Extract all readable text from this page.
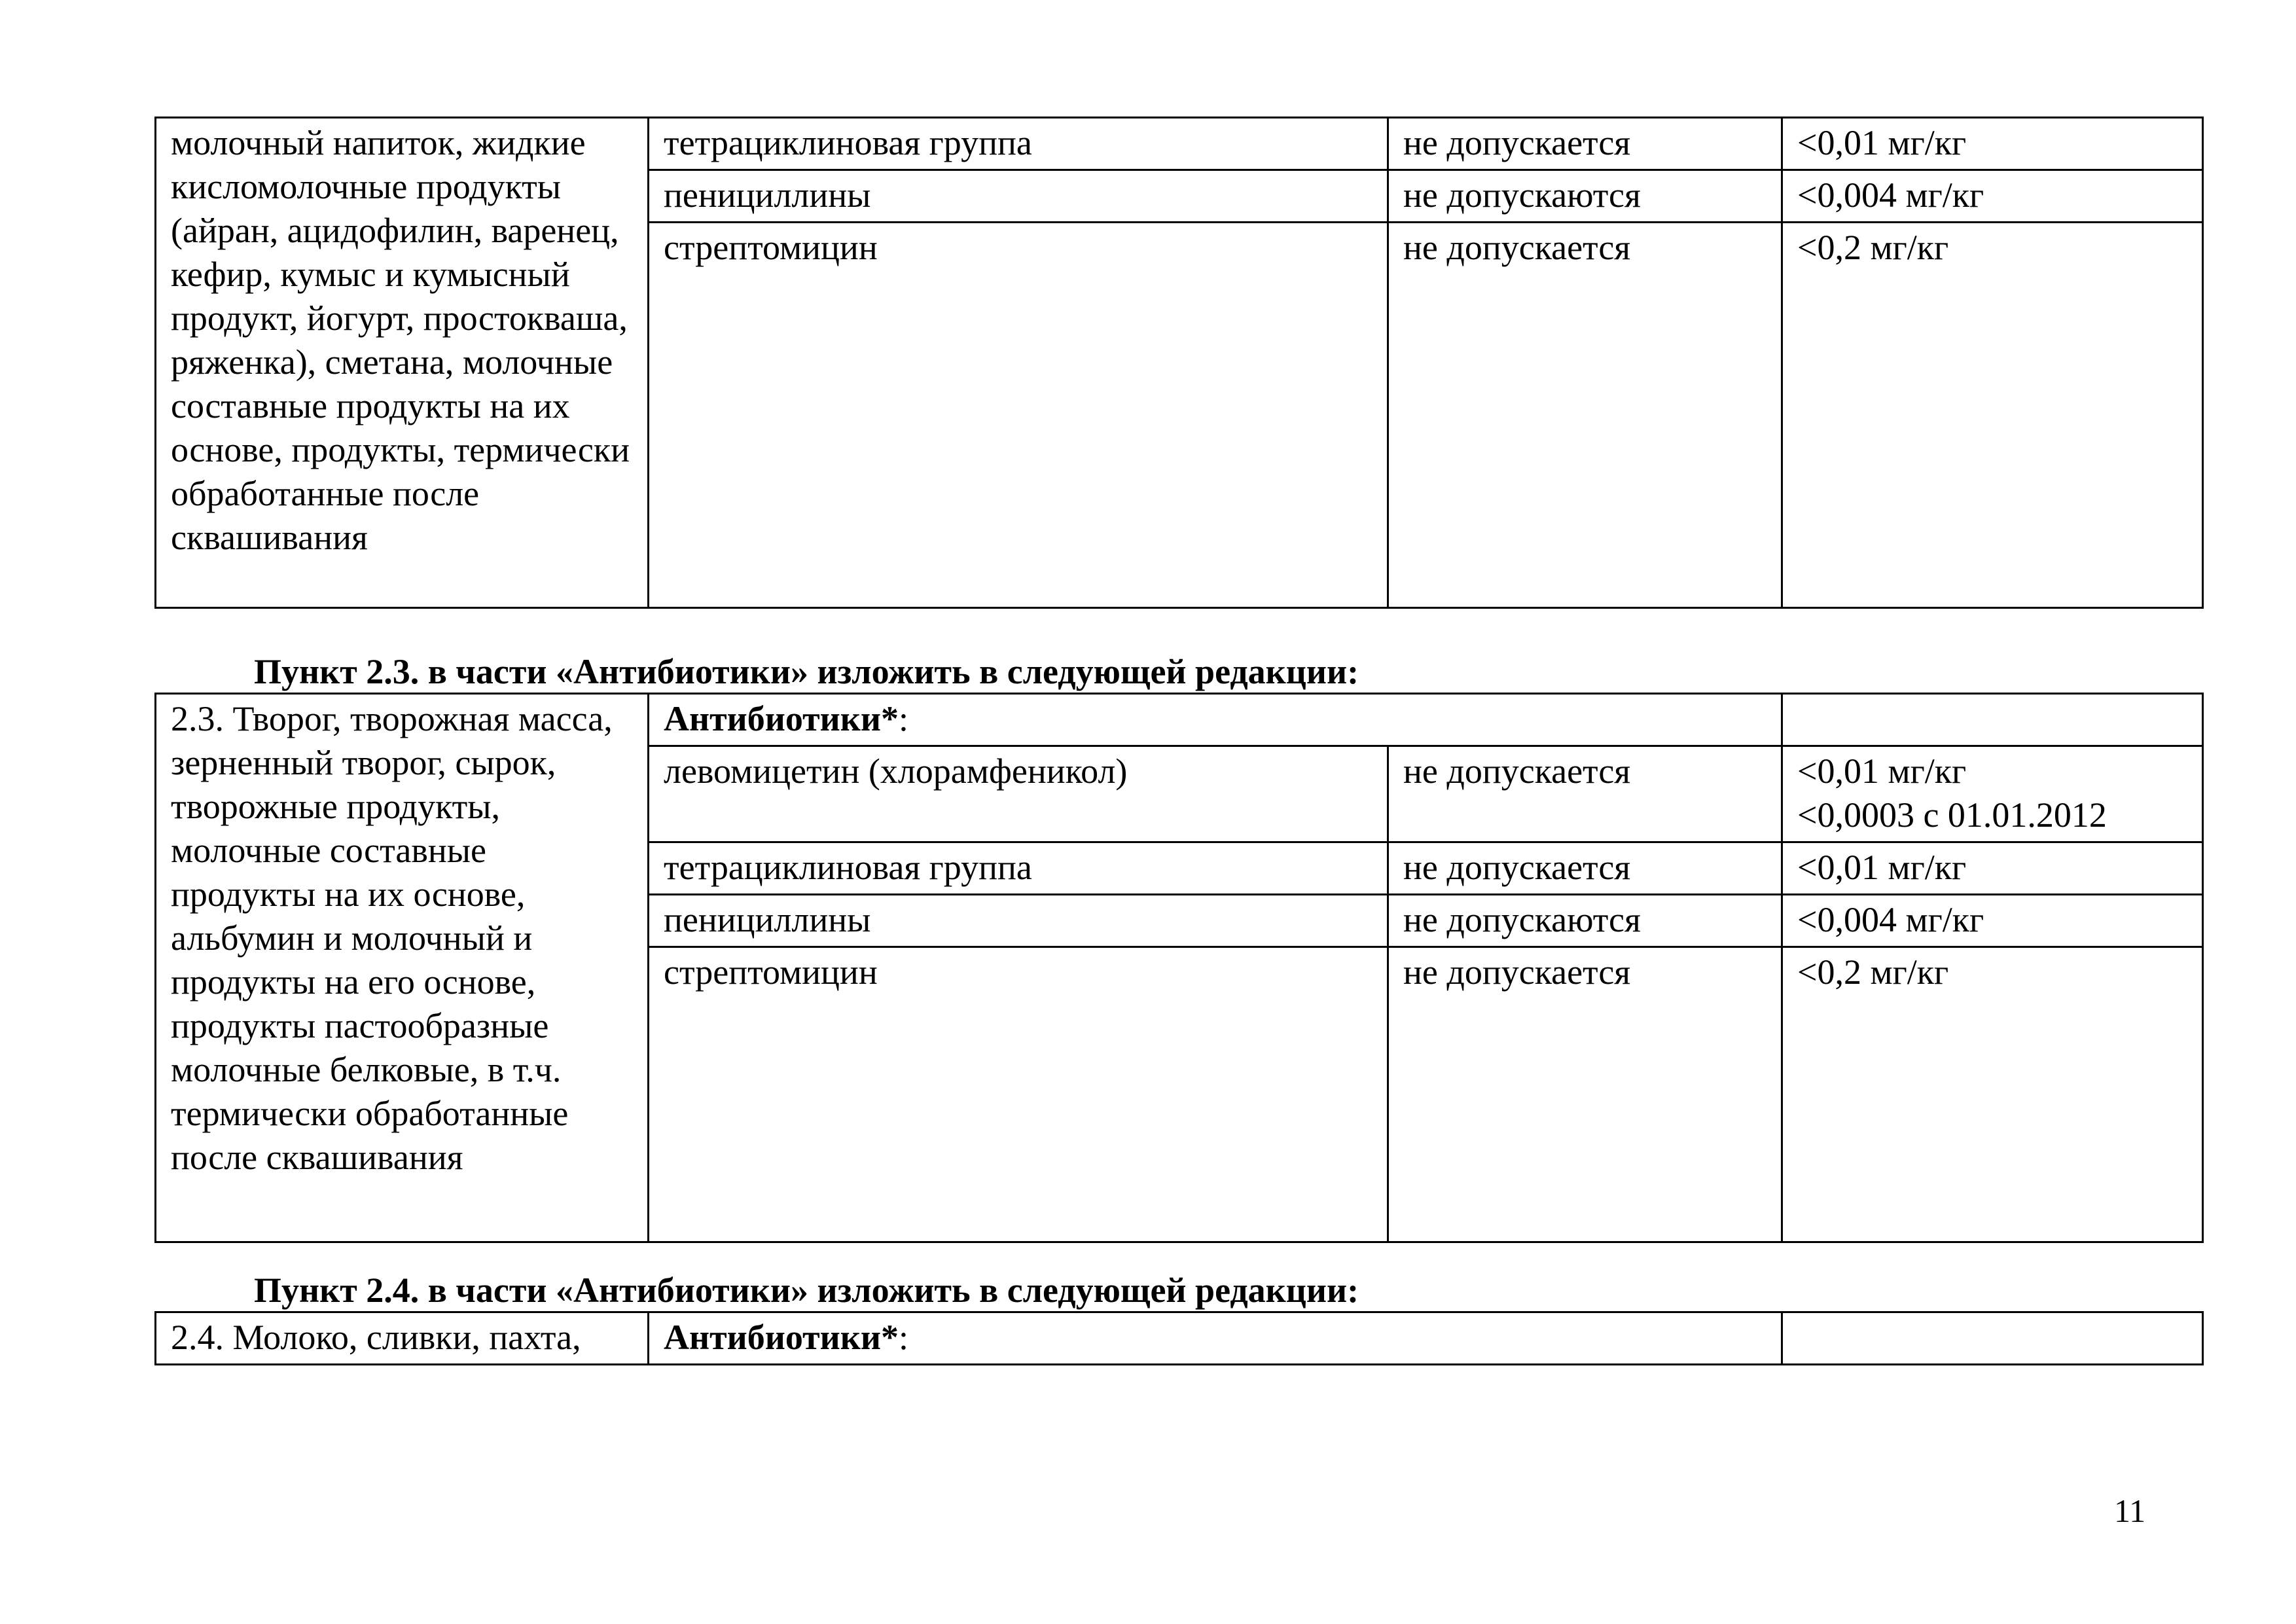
молочный напиток, жидкие кисломолочные продукты (айран, ацидофилин, варенец, кефир, кумыс и кумысный продукт, йогурт, простокваша, ряженка), сметана, молочные составные продукты на их основе, продукты, термически обработанные после сквашивания	тетрациклиновая группа	не допускается	<0,01 мг/кг
	пенициллины	не допускаются	<0,004 мг/кг
	стрептомицин	не допускается	<0,2 мг/кг

Пункт 2.3. в части «Антибиотики» изложить в следующей редакции:

2.3. Творог, творожная масса, зерненный творог, сырок, творожные продукты, молочные составные продукты на их основе, альбумин и молочный и продукты на его основе, продукты пастообразные молочные белковые, в т.ч. термически обработанные после сквашивания	Антибиотики*:		
	левомицетин (хлорамфеникол)	не допускается	<0,01 мг/кг
<0,0003 с 01.01.2012
	тетрациклиновая группа	не допускается	<0,01 мг/кг
	пенициллины	не допускаются	<0,004 мг/кг
	стрептомицин	не допускается	<0,2 мг/кг

Пункт 2.4. в части «Антибиотики» изложить в следующей редакции:

2.4. Молоко, сливки, пахта,	Антибиотики*:	
11
